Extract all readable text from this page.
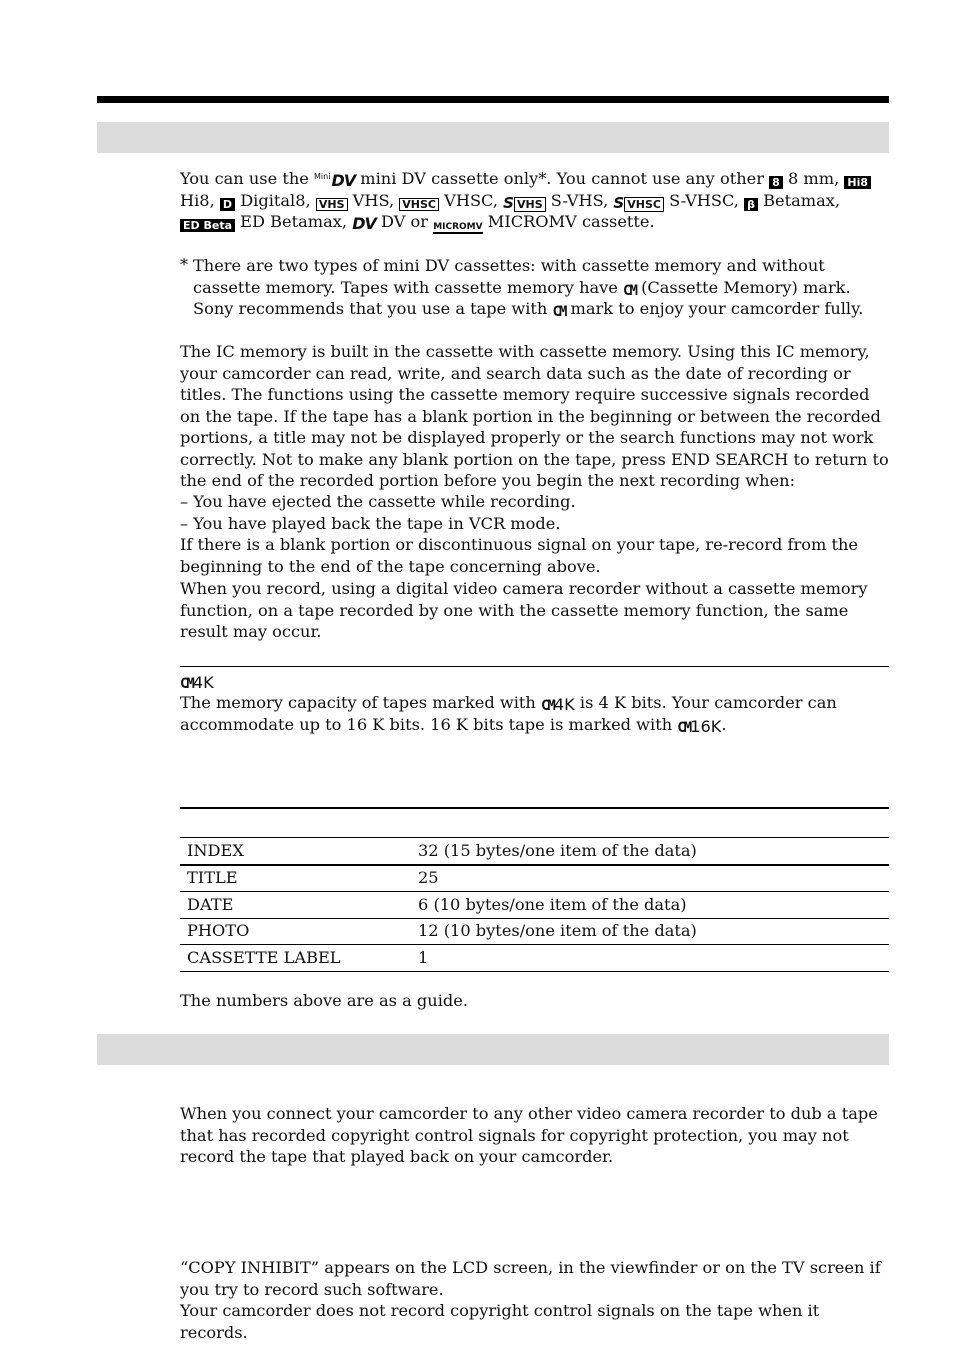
You can use the $^{Mini}$DV mini DV cassette only*. You cannot use any other 8 8 mm, Hi8 Hi8, D Digital8, VHS VHS, VHSC VHSC, S VHS S-VHS, S VHSC S-VHSC, β Betamax, ED Beta ED Betamax, DV DV or MICROMV MICROMV cassette.

* There are two types of mini DV cassettes: with cassette memory and without cassette memory. Tapes with cassette memory have CM (Cassette Memory) mark. Sony recommends that you use a tape with CM mark to enjoy your camcorder fully.

The IC memory is built in the cassette with cassette memory. Using this IC memory, your camcorder can read, write, and search data such as the date of recording or titles. The functions using the cassette memory require successive signals recorded on the tape. If the tape has a blank portion in the beginning or between the recorded portions, a title may not be displayed properly or the search functions may not work correctly. Not to make any blank portion on the tape, press END SEARCH to return to the end of the recorded portion before you begin the next recording when:

– You have ejected the cassette while recording.

– You have played back the tape in VCR mode.

If there is a blank portion or discontinuous signal on your tape, re-record from the beginning to the end of the tape concerning above.

When you record, using a digital video camera recorder without a cassette memory function, on a tape recorded by one with the cassette memory function, the same result may occur.

CM4K

The memory capacity of tapes marked with CM4K is 4 K bits. Your camcorder can accommodate up to 16 K bits. 16 K bits tape is marked with CM16K.

INDEX	32 (15 bytes/one item of the data)
TITLE	25
DATE	6 (10 bytes/one item of the data)
PHOTO	12 (10 bytes/one item of the data)
CASSETTE LABEL	1

The numbers above are as a guide.

When you connect your camcorder to any other video camera recorder to dub a tape that has recorded copyright control signals for copyright protection, you may not record the tape that played back on your camcorder.

“COPY INHIBIT” appears on the LCD screen, in the viewfinder or on the TV screen if you try to record such software.

Your camcorder does not record copyright control signals on the tape when it records.
